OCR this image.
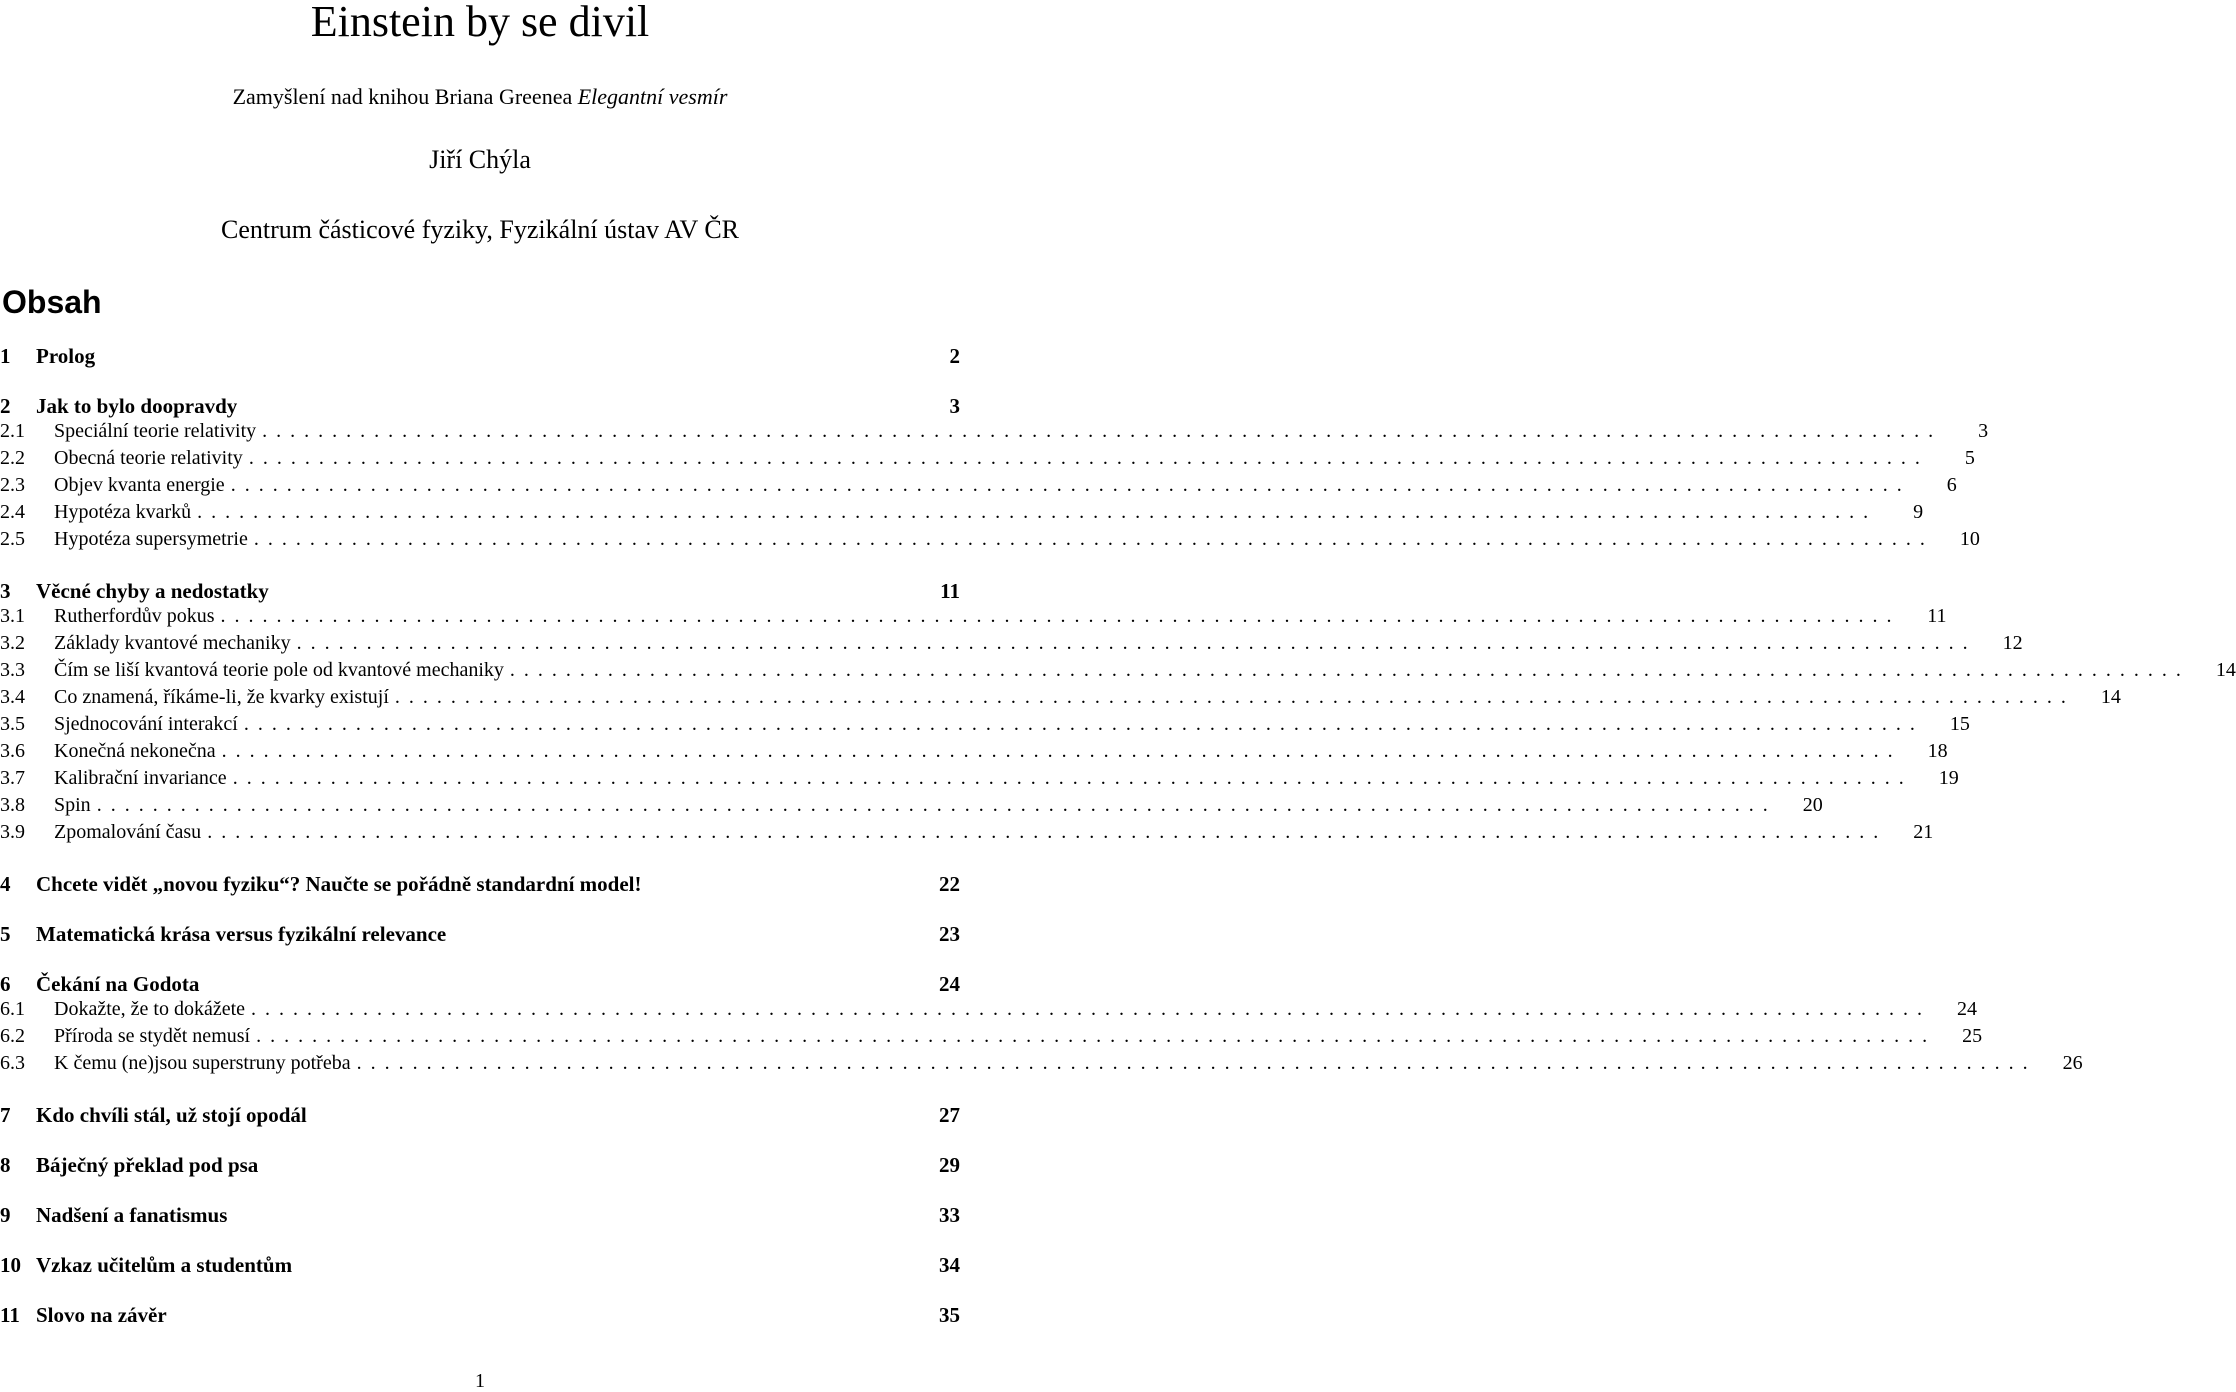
Einstein by se divil
Zamyšlení nad knihou Briana Greenea Elegantní vesmír
Jiří Chýla
Centrum částicové fyziky, Fyzikální ústav AV ČR
Obsah
1	Prolog	2
2	Jak to bylo doopravdy	3
2.1	Speciální teorie relativity ........................................................................................................................	3
2.2	Obecná teorie relativity ........................................................................................................................	5
2.3	Objev kvanta energie ........................................................................................................................	6
2.4	Hypotéza kvarků ........................................................................................................................	9
2.5	Hypotéza supersymetrie ........................................................................................................................	10
3	Věcné chyby a nedostatky	11
3.1	Rutherfordův pokus ........................................................................................................................	11
3.2	Základy kvantové mechaniky ........................................................................................................................	12
3.3	Čím se liší kvantová teorie pole od kvantové mechaniky ........................................................................................................................	14
3.4	Co znamená, říkáme-li, že kvarky existují ........................................................................................................................	14
3.5	Sjednocování interakcí ........................................................................................................................	15
3.6	Konečná nekonečna ........................................................................................................................	18
3.7	Kalibrační invariance ........................................................................................................................	19
3.8	Spin ........................................................................................................................	20
3.9	Zpomalování času ........................................................................................................................	21
4	Chcete vidět „novou fyziku“? Naučte se pořádně standardní model!	22
5	Matematická krása versus fyzikální relevance	23
6	Čekání na Godota	24
6.1	Dokažte, že to dokážete ........................................................................................................................	24
6.2	Příroda se stydět nemusí ........................................................................................................................	25
6.3	K čemu (ne)jsou superstruny potřeba ........................................................................................................................	26
7	Kdo chvíli stál, už stojí opodál	27
8	Báječný překlad pod psa	29
9	Nadšení a fanatismus	33
10 Vzkaz učitelům a studentům	34
11 Slovo na závěr	35
1
